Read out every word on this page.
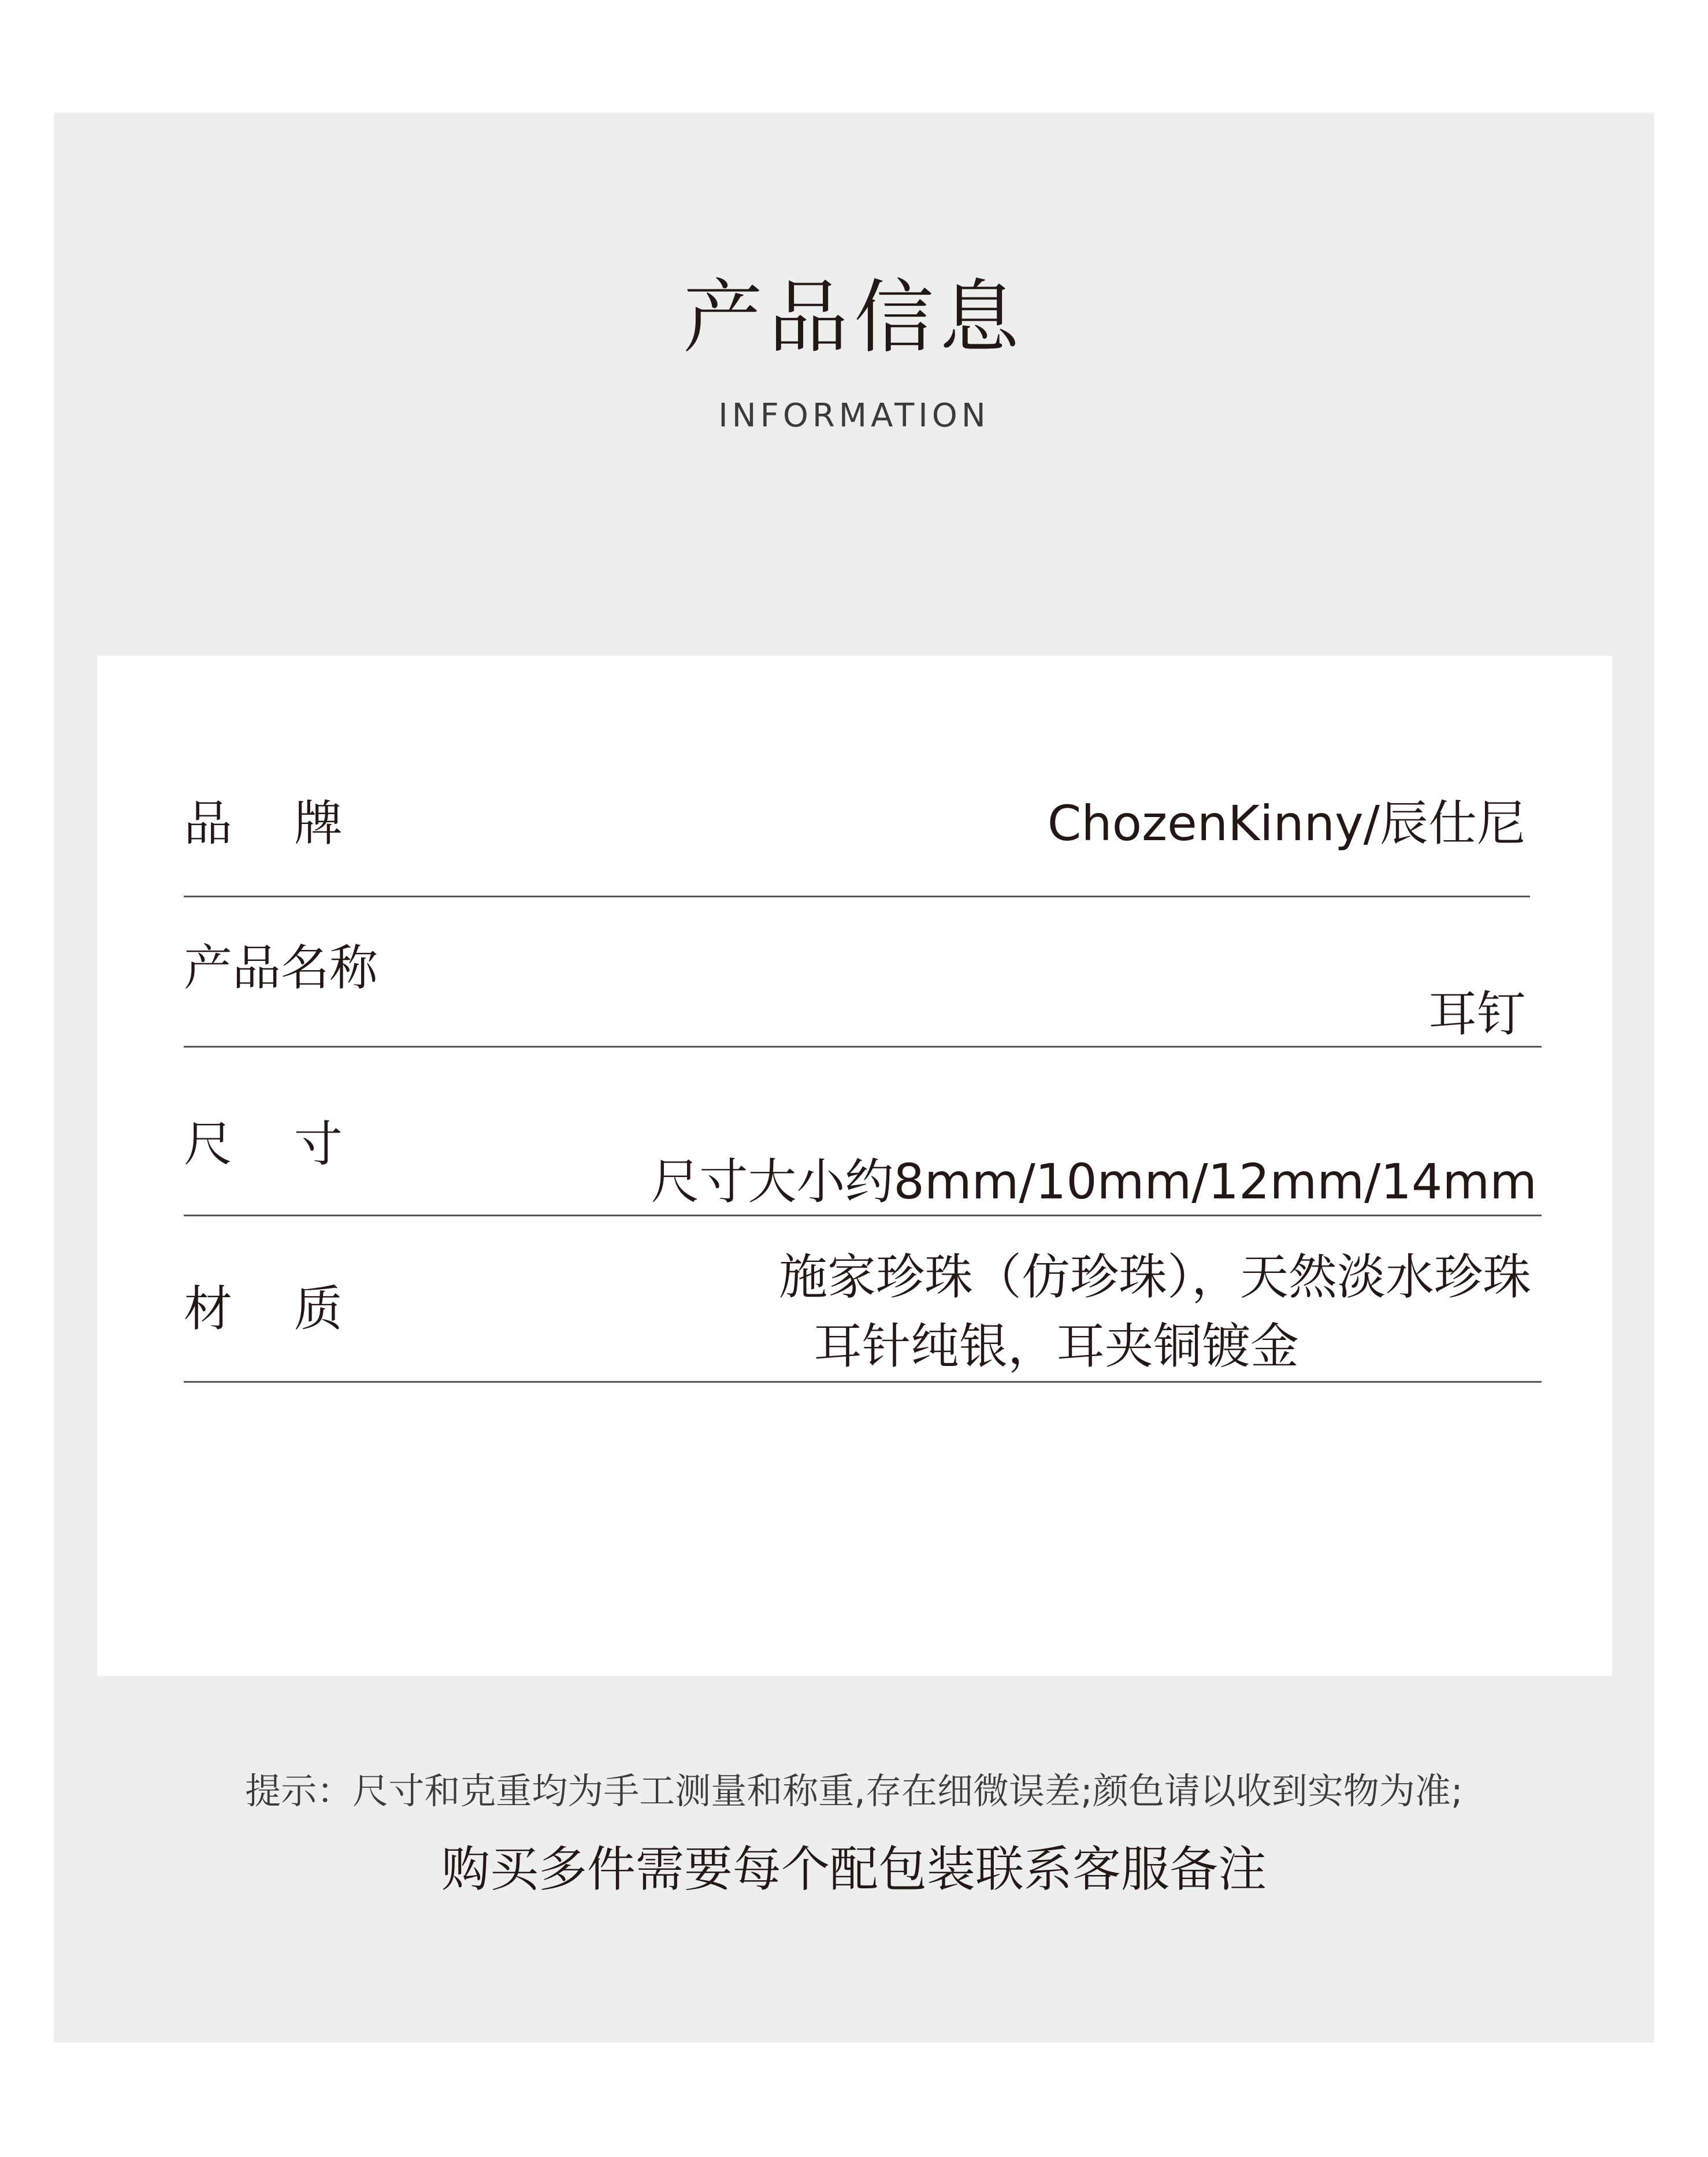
产品信息
INFORMATION
品    牌	ChozenKinny/辰仕尼
产品名称
耳钉
尺    寸
尺寸大小约8mm/10mm/12mm/14mm
材    质
施家珍珠（仿珍珠），天然淡水珍珠
耳针纯银，耳夹铜镀金
提示：尺寸和克重均为手工测量和称重,存在细微误差;颜色请以收到实物为准;
购买多件需要每个配包装联系客服备注
